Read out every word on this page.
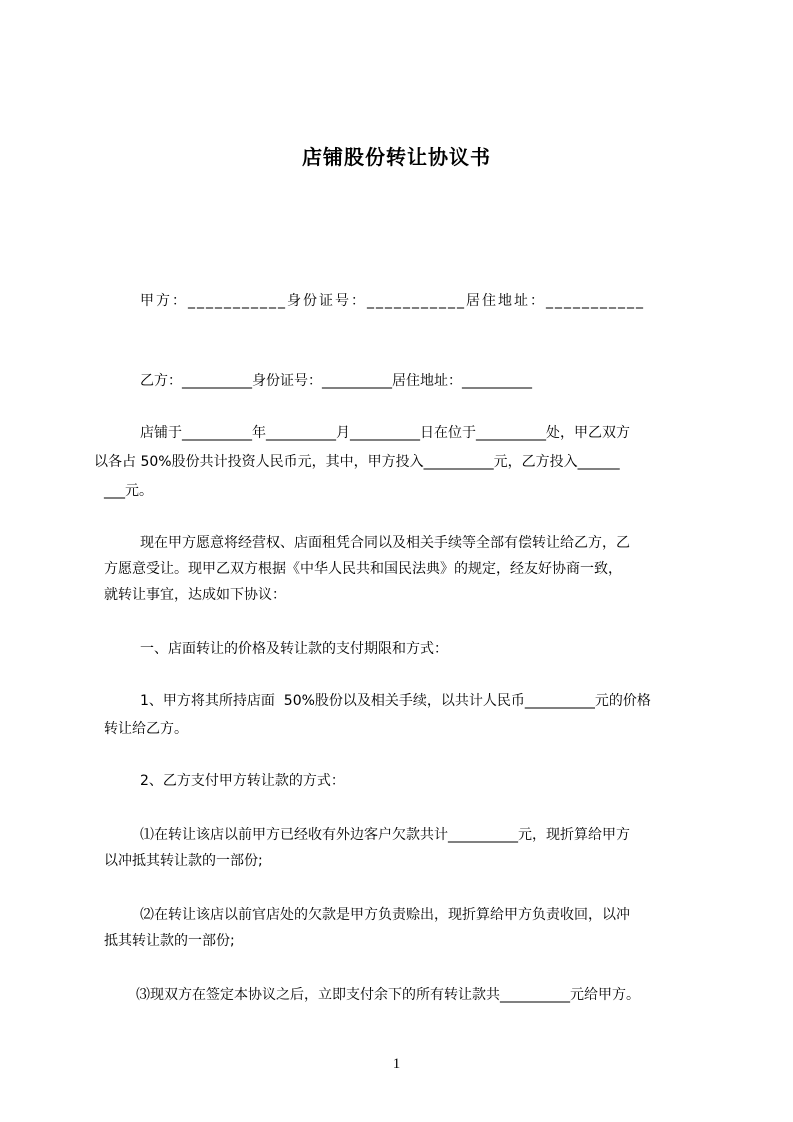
店铺股份转让协议书

甲方：___________身份证号：___________居住地址：___________

乙方：__________身份证号：__________居住地址：__________

店铺于__________年__________月__________日在位于__________处，甲乙双方

以各占 50%股份共计投资人民币元，其中，甲方投入__________元，乙方投入______

___元。

现在甲方愿意将经营权、店面租凭合同以及相关手续等全部有偿转让给乙方，乙

方愿意受让。现甲乙双方根据《中华人民共和国民法典》的规定，经友好协商一致，

就转让事宜，达成如下协议：

一、店面转让的价格及转让款的支付期限和方式：

1、甲方将其所持店面  50%股份以及相关手续，以共计人民币__________元的价格

转让给乙方。

2、乙方支付甲方转让款的方式：

⑴在转让该店以前甲方已经收有外边客户欠款共计__________元，现折算给甲方

以冲抵其转让款的一部份;

⑵在转让该店以前官店处的欠款是甲方负责赊出，现折算给甲方负责收回，以冲

抵其转让款的一部份;

⑶现双方在签定本协议之后，立即支付余下的所有转让款共__________元给甲方。

1
